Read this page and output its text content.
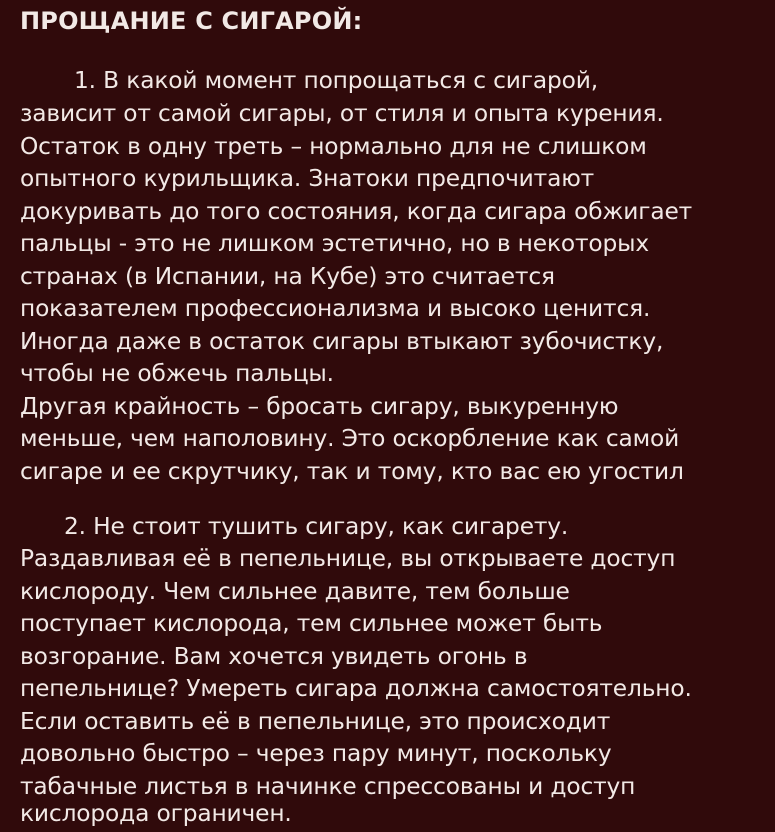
ПРОЩАНИЕ С СИГАРОЙ:
1. В какой момент попрощаться с сигарой,
зависит от самой сигары, от стиля и опыта курения.
Остаток в одну треть – нормально для не слишком
опытного курильщика. Знатоки предпочитают
докуривать до того состояния, когда сигара обжигает
пальцы - это не лишком эстетично, но в некоторых
странах (в Испании, на Кубе) это считается
показателем профессионализма и высоко ценится.
Иногда даже в остаток сигары втыкают зубочистку,
чтобы не обжечь пальцы.
Другая крайность – бросать сигару, выкуренную
меньше, чем наполовину. Это оскорбление как самой
сигаре и ее скрутчику, так и тому, кто вас ею угостил
2. Не стоит тушить сигару, как сигарету.
Раздавливая её в пепельнице, вы открываете доступ
кислороду. Чем сильнее давите, тем больше
поступает кислорода, тем сильнее может быть
возгорание. Вам хочется увидеть огонь в
пепельнице? Умереть сигара должна самостоятельно.
Если оставить её в пепельнице, это происходит
довольно быстро – через пару минут, поскольку
табачные листья в начинке спрессованы и доступ
кислорода ограничен.
